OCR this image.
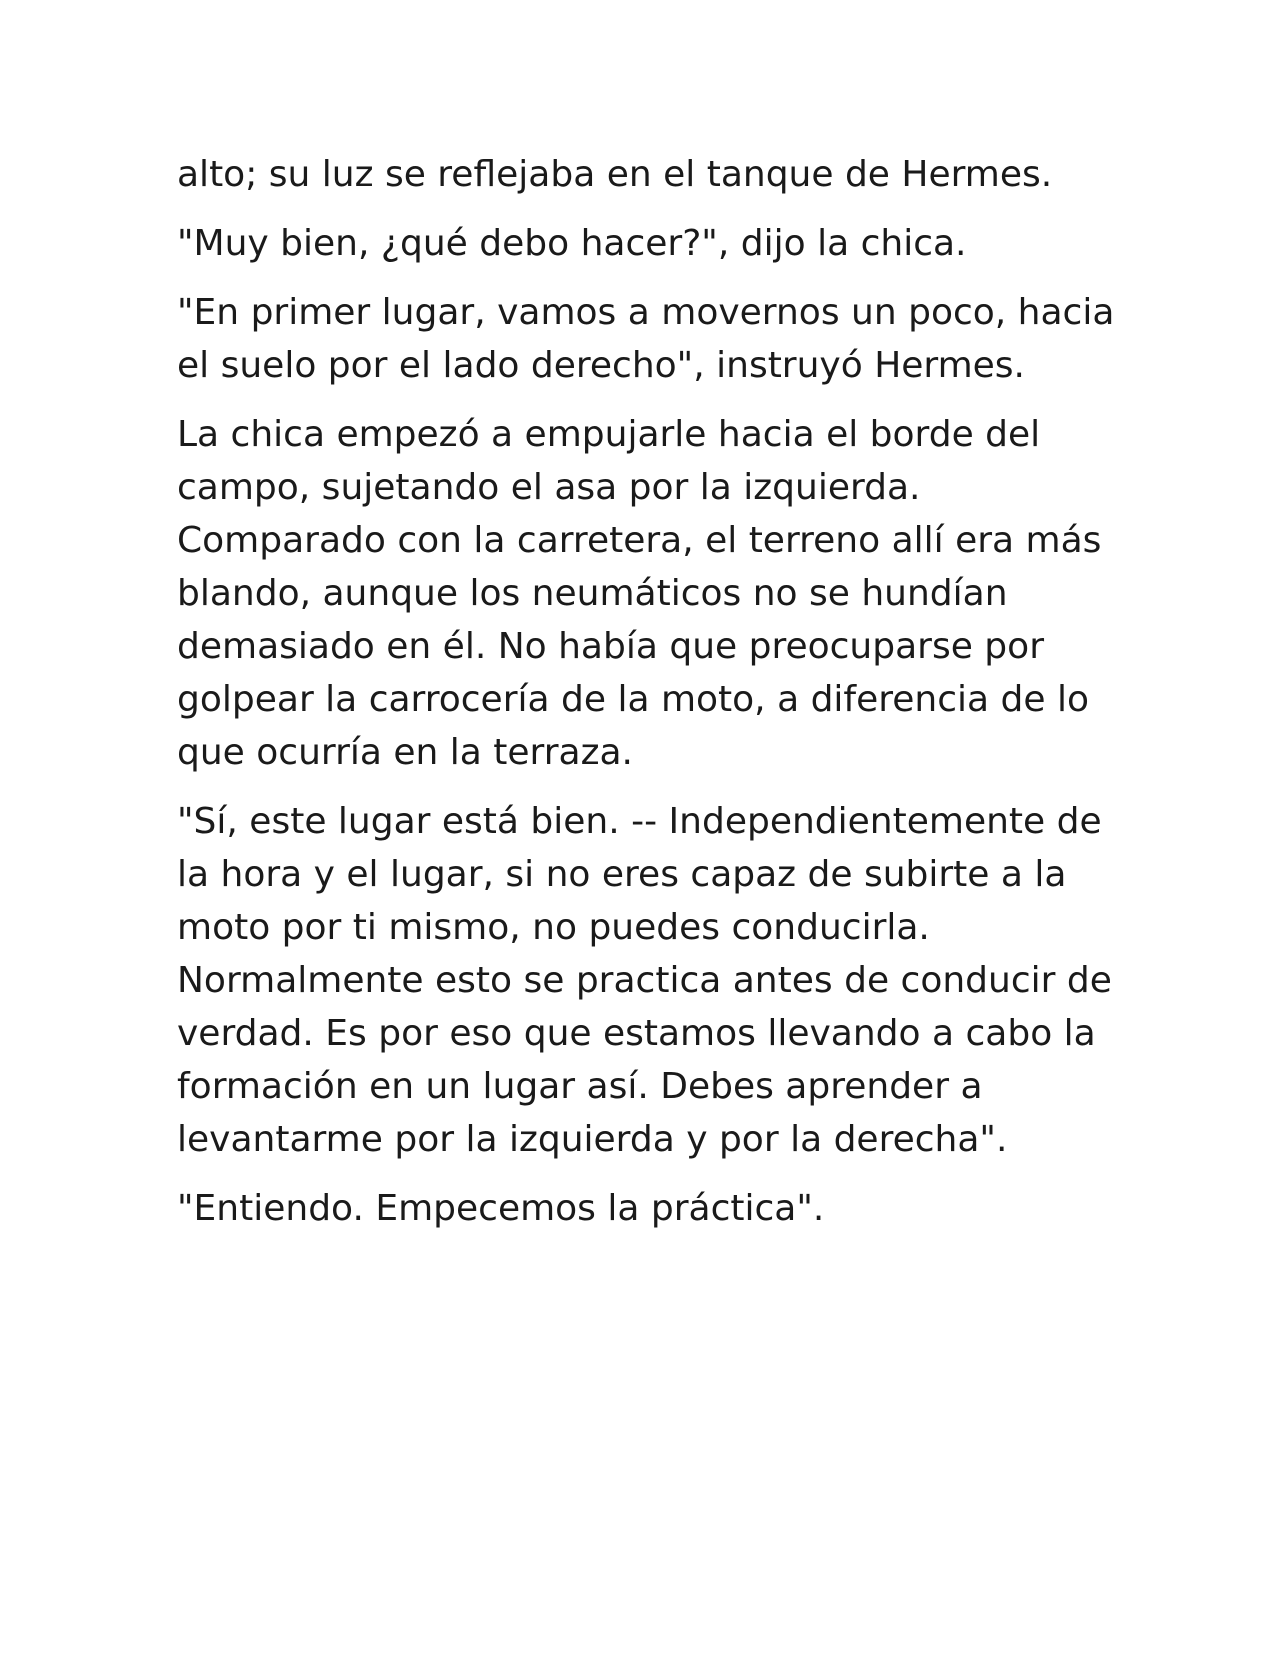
alto; su luz se reflejaba en el tanque de Hermes.

"Muy bien, ¿qué debo hacer?", dijo la chica.

"En primer lugar, vamos a movernos un poco, hacia el suelo por el lado derecho", instruyó Hermes.

La chica empezó a empujarle hacia el borde del campo, sujetando el asa por la izquierda. Comparado con la carretera, el terreno allí era más blando, aunque los neumáticos no se hundían demasiado en él. No había que preocuparse por golpear la carrocería de la moto, a diferencia de lo que ocurría en la terraza.

"Sí, este lugar está bien. -- Independientemente de la hora y el lugar, si no eres capaz de subirte a la moto por ti mismo, no puedes conducirla. Normalmente esto se practica antes de conducir de verdad. Es por eso que estamos llevando a cabo la formación en un lugar así. Debes aprender a levantarme por la izquierda y por la derecha".

"Entiendo. Empecemos la práctica".
